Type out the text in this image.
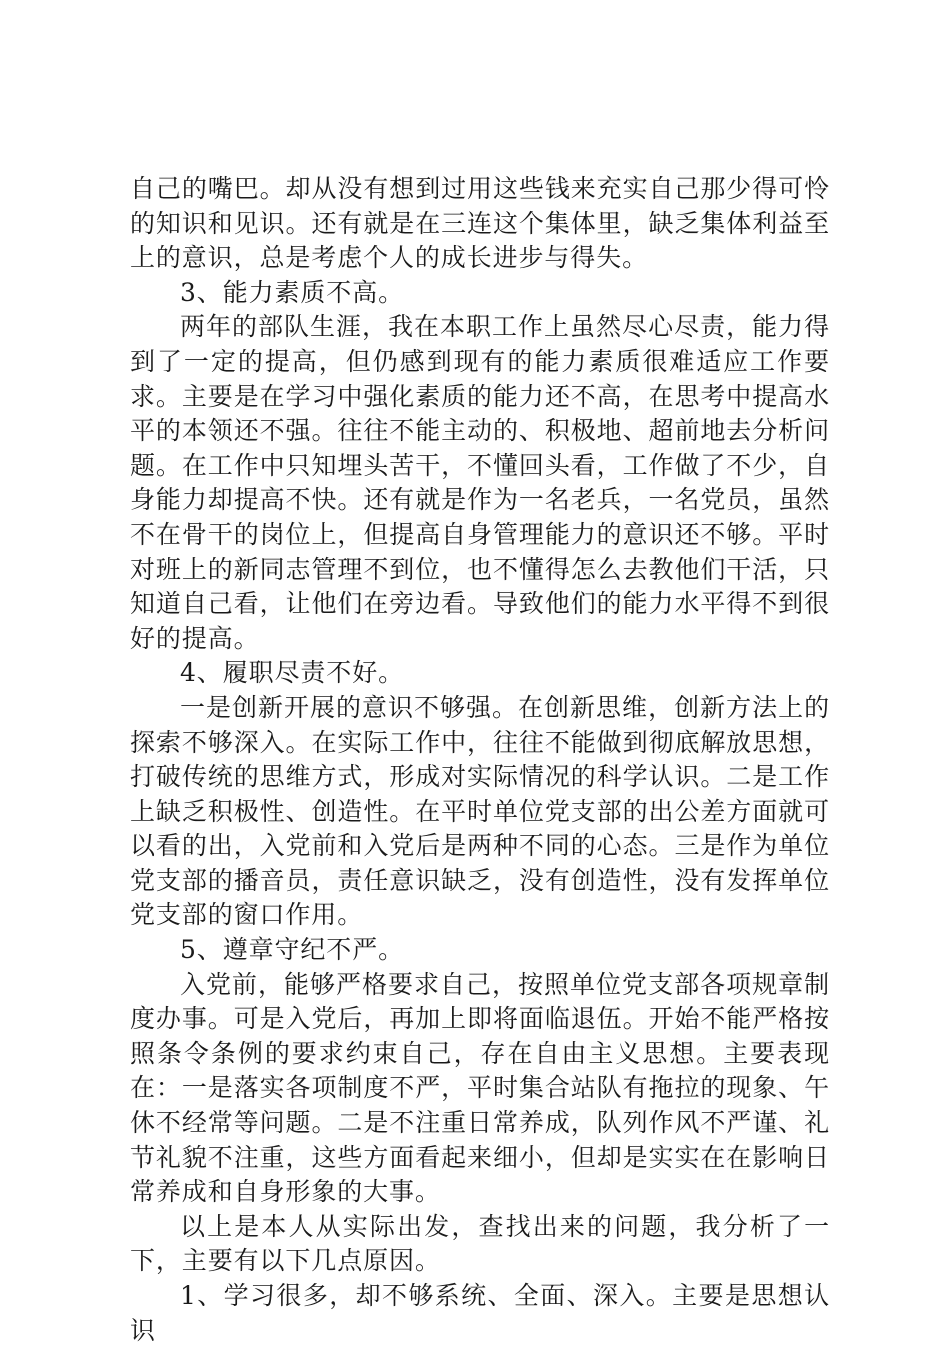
自己的嘴巴。却从没有想到过用这些钱来充实自己那少得可怜的知识和见识。还有就是在三连这个集体里，缺乏集体利益至上的意识，总是考虑个人的成长进步与得失。

3、能力素质不高。

两年的部队生涯，我在本职工作上虽然尽心尽责，能力得到了一定的提高，但仍感到现有的能力素质很难适应工作要求。主要是在学习中强化素质的能力还不高，在思考中提高水平的本领还不强。往往不能主动的、积极地、超前地去分析问题。在工作中只知埋头苦干，不懂回头看，工作做了不少，自身能力却提高不快。还有就是作为一名老兵，一名党员，虽然不在骨干的岗位上，但提高自身管理能力的意识还不够。平时对班上的新同志管理不到位，也不懂得怎么去教他们干活，只知道自己看，让他们在旁边看。导致他们的能力水平得不到很好的提高。

4、履职尽责不好。

一是创新开展的意识不够强。在创新思维，创新方法上的探索不够深入。在实际工作中，往往不能做到彻底解放思想，打破传统的思维方式，形成对实际情况的科学认识。二是工作上缺乏积极性、创造性。在平时单位党支部的出公差方面就可以看的出，入党前和入党后是两种不同的心态。三是作为单位党支部的播音员，责任意识缺乏，没有创造性，没有发挥单位党支部的窗口作用。

5、遵章守纪不严。

入党前，能够严格要求自己，按照单位党支部各项规章制度办事。可是入党后，再加上即将面临退伍。开始不能严格按照条令条例的要求约束自己，存在自由主义思想。主要表现在：一是落实各项制度不严，平时集合站队有拖拉的现象、午休不经常等问题。二是不注重日常养成，队列作风不严谨、礼节礼貌不注重，这些方面看起来细小，但却是实实在在影响日常养成和自身形象的大事。

以上是本人从实际出发，查找出来的问题，我分析了一下，主要有以下几点原因。

1、学习很多，却不够系统、全面、深入。主要是思想认识
